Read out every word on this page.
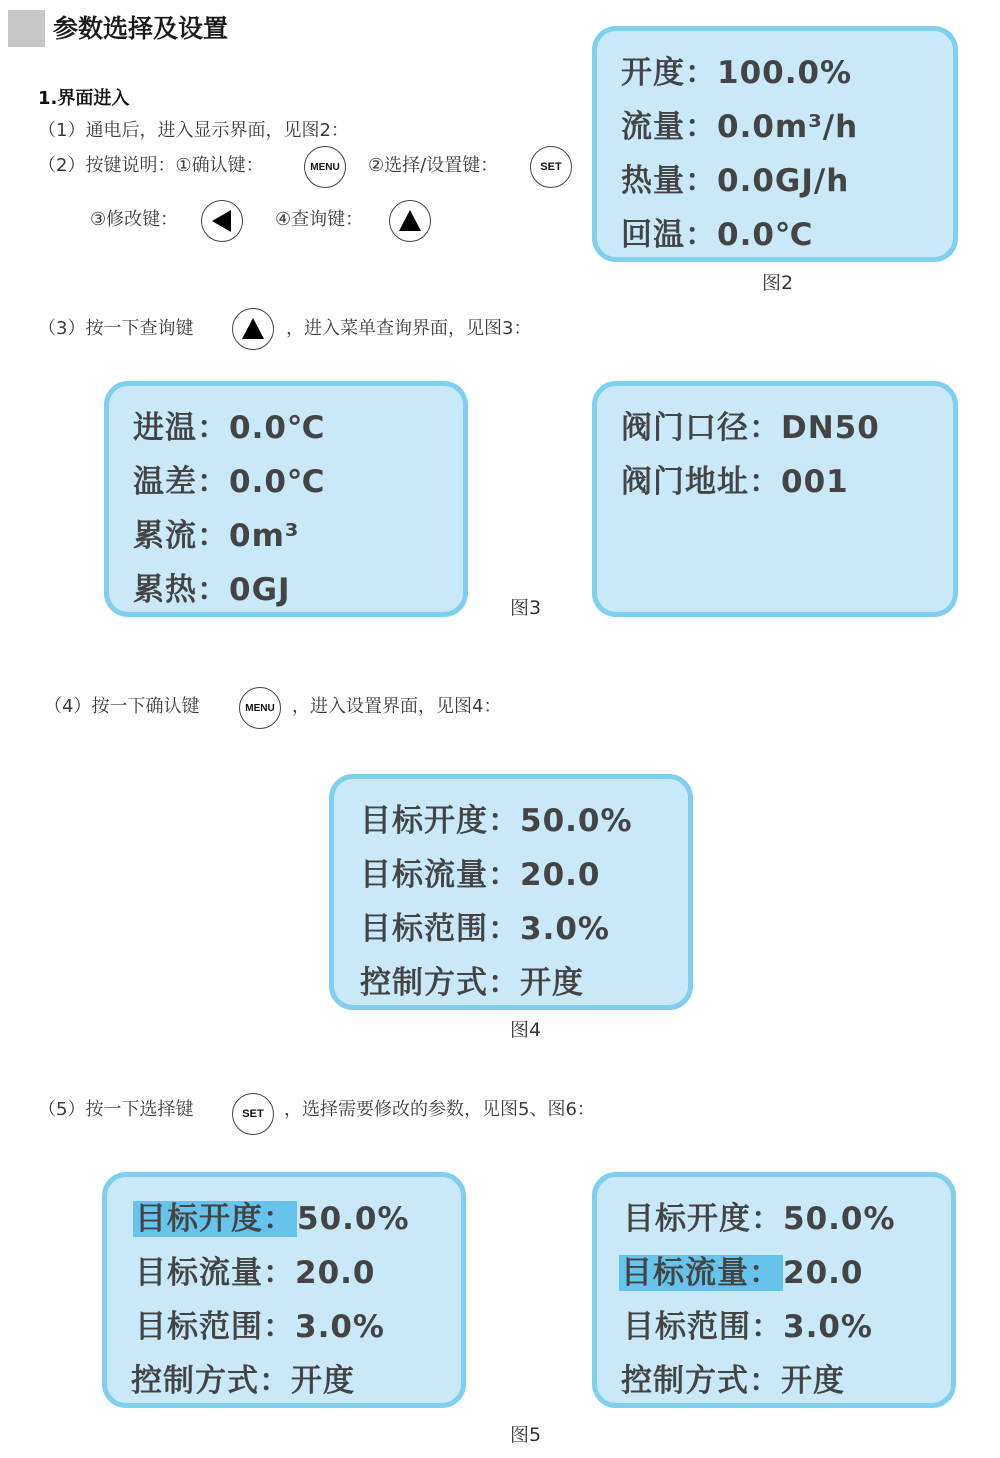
参数选择及设置
1.界面进入
（1）通电后，进入显示界面，见图2：
（2）按键说明：①确认键：	MENU ②选择/设置键：	SET
③修改键：	④查询键：
开度：100.0%
流量：0.0m³/h
热量：0.0GJ/h
回温：0.0℃
图2
（3）按一下查询键	，进入菜单查询界面，见图3：
进温：0.0℃
温差：0.0℃
累流：0m³
累热：0GJ	图3
阀门口径：DN50
阀门地址：001
（4）按一下确认键	MENU ，进入设置界面，见图4：
目标开度：50.0%
目标流量：20.0
目标范围：3.0%
控制方式：开度
图4
（5）按一下选择键	SET ，选择需要修改的参数，见图5、图6：
目标开度：50.0%
目标流量：20.0
目标范围：3.0%
控制方式：开度
目标开度：50.0%
目标流量：20.0
目标范围：3.0%
控制方式：开度
图5
